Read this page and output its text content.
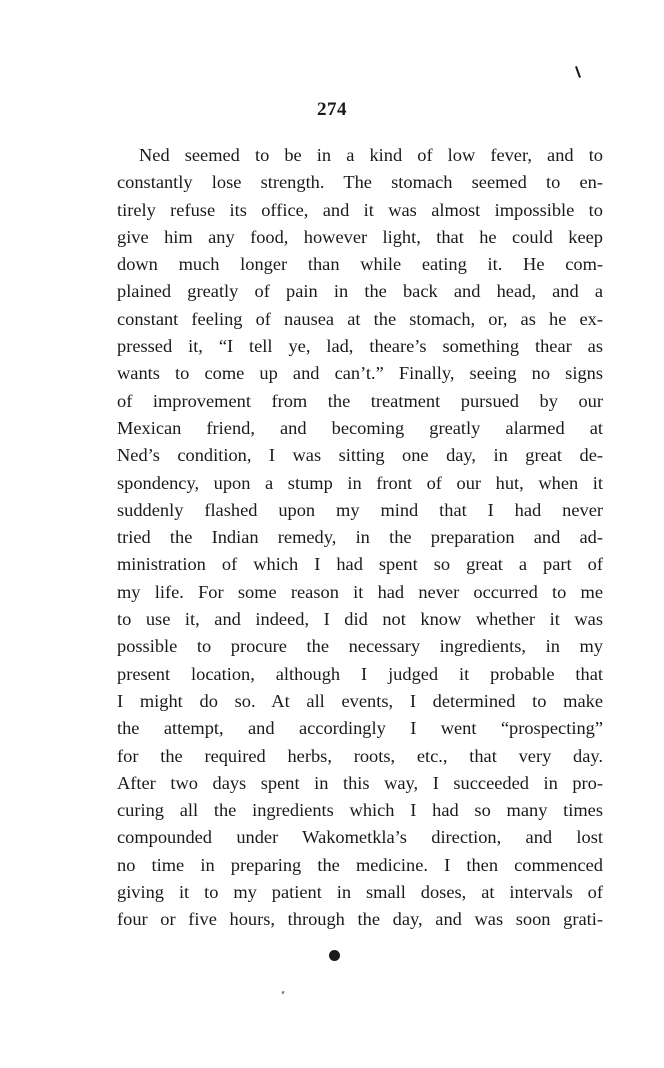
274
Ned seemed to be in a kind of low fever, and to
constantly lose strength. The stomach seemed to en-
tirely refuse its office, and it was almost impossible to
give him any food, however light, that he could keep
down much longer than while eating it. He com-
plained greatly of pain in the back and head, and a
constant feeling of nausea at the stomach, or, as he ex-
pressed it, “I tell ye, lad, theare’s something thear as
wants to come up and can’t.” Finally, seeing no signs
of improvement from the treatment pursued by our
Mexican friend, and becoming greatly alarmed at
Ned’s condition, I was sitting one day, in great de-
spondency, upon a stump in front of our hut, when it
suddenly flashed upon my mind that I had never
tried the Indian remedy, in the preparation and ad-
ministration of which I had spent so great a part of
my life. For some reason it had never occurred to me
to use it, and indeed, I did not know whether it was
possible to procure the necessary ingredients, in my
present location, although I judged it probable that
I might do so. At all events, I determined to make
the attempt, and accordingly I went “prospecting”
for the required herbs, roots, etc., that very day.
After two days spent in this way, I succeeded in pro-
curing all the ingredients which I had so many times
compounded under Wakometkla’s direction, and lost
no time in preparing the medicine. I then commenced
giving it to my patient in small doses, at intervals of
four or five hours, through the day, and was soon grati-
